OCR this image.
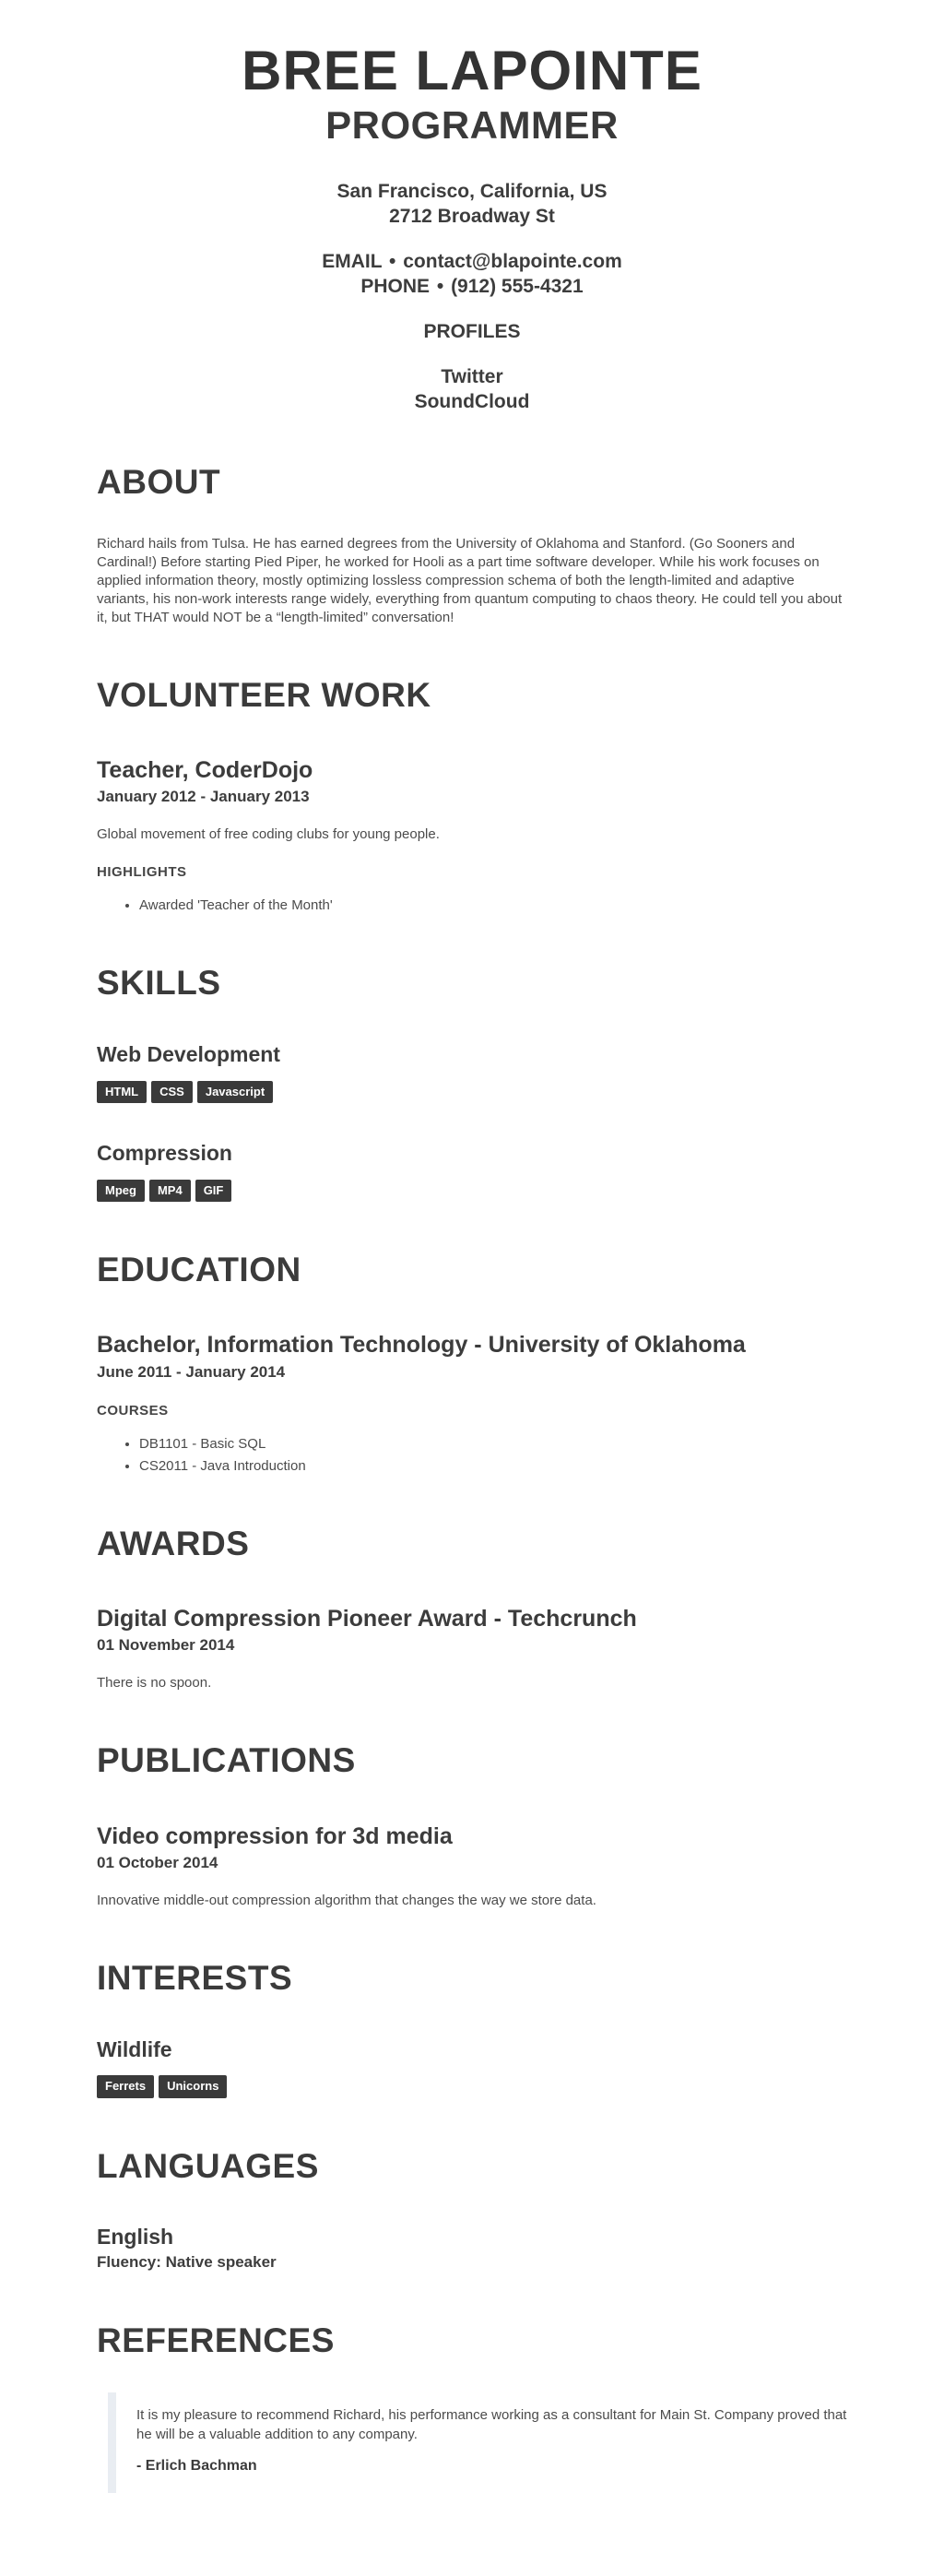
BREE LAPOINTE
PROGRAMMER

San Francisco, California, US

2712 Broadway St

EMAIL • contact@blapointe.com

PHONE • (912) 555-4321

PROFILES

Twitter

SoundCloud

ABOUT

Richard hails from Tulsa. He has earned degrees from the University of Oklahoma and Stanford. (Go Sooners and Cardinal!) Before starting Pied Piper, he worked for Hooli as a part time software developer. While his work focuses on applied information theory, mostly optimizing lossless compression schema of both the length-limited and adaptive variants, his non-work interests range widely, everything from quantum computing to chaos theory. He could tell you about it, but THAT would NOT be a “length-limited” conversation!

VOLUNTEER WORK
Teacher, CoderDojo
January 2012 - January 2013

Global movement of free coding clubs for young people.

HIGHLIGHTS
• Awarded 'Teacher of the Month'
SKILLS
Web Development
HTML	CSS	Javascript
Compression
Mpeg	MP4	GIF
EDUCATION
Bachelor, Information Technology - University of Oklahoma
June 2011 - January 2014
COURSES
• DB1101 - Basic SQL
• CS2011 - Java Introduction
AWARDS
Digital Compression Pioneer Award - Techcrunch
01 November 2014

There is no spoon.

PUBLICATIONS
Video compression for 3d media
01 October 2014

Innovative middle-out compression algorithm that changes the way we store data.

INTERESTS
Wildlife
Ferrets	Unicorns
LANGUAGES
English
Fluency: Native speaker
REFERENCES

It is my pleasure to recommend Richard, his performance working as a consultant for Main St. Company proved that he will be a valuable addition to any company.

- Erlich Bachman
